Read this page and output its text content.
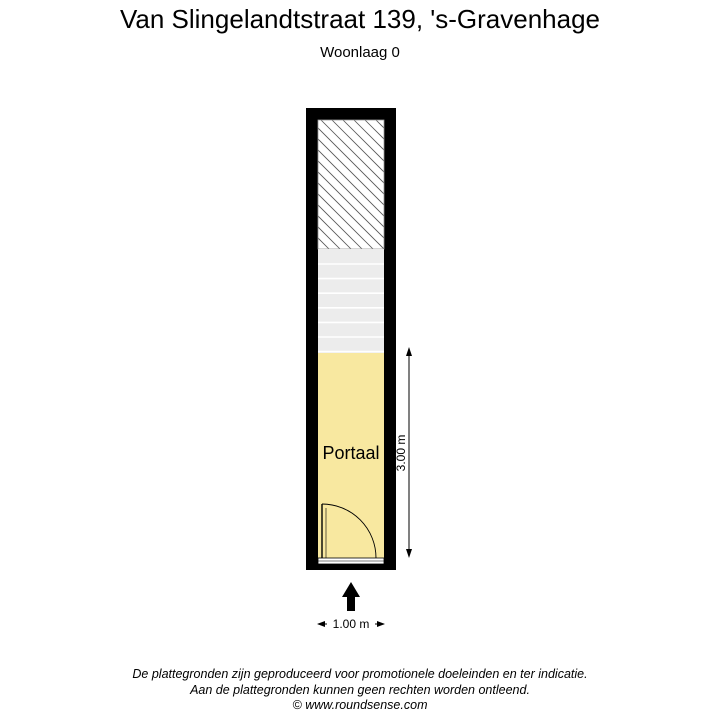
Van Slingelandtstraat 139, 's-Gravenhage
Woonlaag 0
Portaal 3.00 m
1.00 m
De plattegronden zijn geproduceerd voor promotionele doeleinden en ter indicatie.
Aan de plattegronden kunnen geen rechten worden ontleend.
© www.roundsense.com
